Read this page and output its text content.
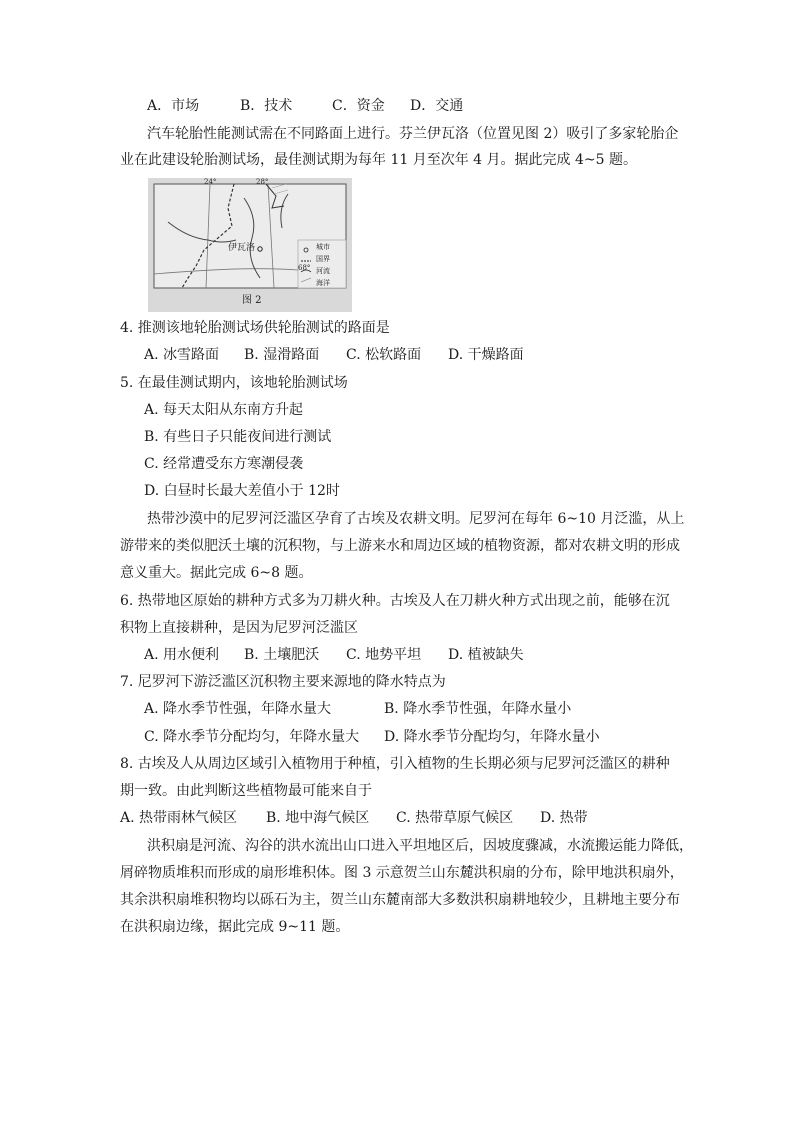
A．市场	B．技术	C．资金 D．交通
汽车轮胎性能测试需在不同路面上进行。芬兰伊瓦洛（位置见图 2）吸引了多家轮胎企
业在此建设轮胎测试场，最佳测试期为每年 11 月至次年 4 月。据此完成 4~5 题。
24°	28°
68°
伊瓦洛	城市
国界
河流
海洋
图 2
4. 推测该地轮胎测试场供轮胎测试的路面是
A. 冰雪路面 B. 湿滑路面 C. 松软路面 D. 干燥路面
5. 在最佳测试期内，该地轮胎测试场
A. 每天太阳从东南方升起
B. 有些日子只能夜间进行测试
C. 经常遭受东方寒潮侵袭
D. 白昼时长最大差值小于 12时
热带沙漠中的尼罗河泛滥区孕育了古埃及农耕文明。尼罗河在每年 6~10 月泛滥，从上
游带来的类似肥沃土壤的沉积物，与上游来水和周边区域的植物资源，都对农耕文明的形成
意义重大。据此完成 6~8 题。
6. 热带地区原始的耕种方式多为刀耕火种。古埃及人在刀耕火种方式出现之前，能够在沉
积物上直接耕种，是因为尼罗河泛滥区
A. 用水便利 B. 土壤肥沃 C. 地势平坦 D. 植被缺失
7. 尼罗河下游泛滥区沉积物主要来源地的降水特点为
A. 降水季节性强，年降水量大	B. 降水季节性强，年降水量小
C. 降水季节分配均匀，年降水量大 D. 降水季节分配均匀，年降水量小
8. 古埃及人从周边区域引入植物用于种植，引入植物的生长期必须与尼罗河泛滥区的耕种
期一致。由此判断这些植物最可能来自于
A. 热带雨林气候区 B. 地中海气候区 C. 热带草原气候区 D. 热带
洪积扇是河流、沟谷的洪水流出山口进入平坦地区后，因坡度骤减，水流搬运能力降低，
屑碎物质堆积而形成的扇形堆积体。图 3 示意贺兰山东麓洪积扇的分布，除甲地洪积扇外，
其余洪积扇堆积物均以砾石为主，贺兰山东麓南部大多数洪积扇耕地较少，且耕地主要分布
在洪积扇边缘，据此完成 9~11 题。
